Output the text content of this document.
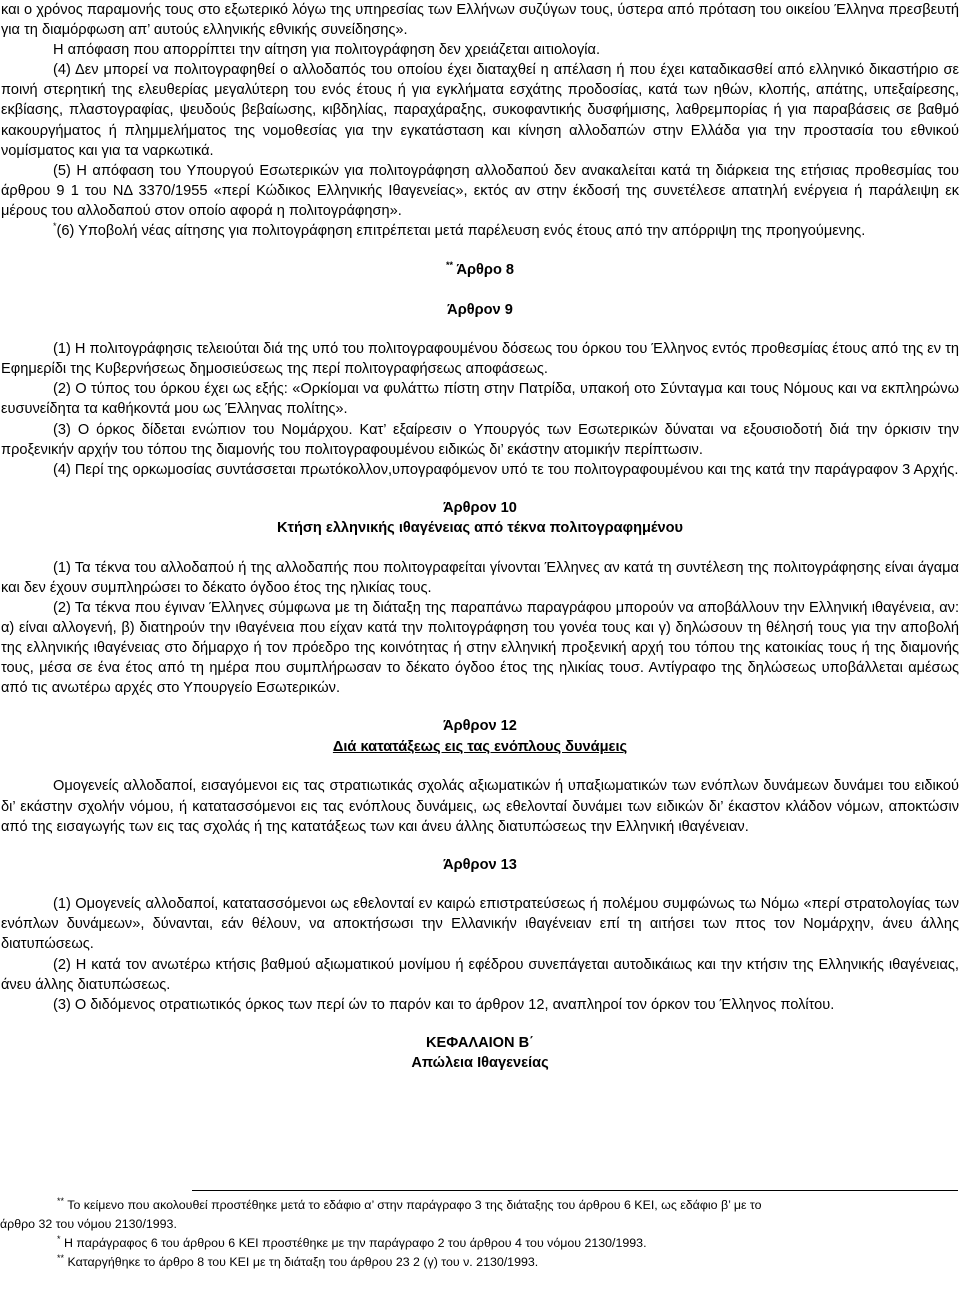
και ο χρόνος παραμονής τους στο εξωτερικό λόγω της υπηρεσίας των Ελλήνων συζύγων τους, ύστερα από πρόταση του οικείου Έλληνα πρεσβευτή για τη διαμόρφωση απ’ αυτούς ελληνικής εθνικής συνείδησης».

Η απόφαση που απορρίπτει την αίτηση για πολιτογράφηση δεν χρειάζεται αιτιολογία.

(4) Δεν μπορεί να πολιτογραφηθεί ο αλλοδαπός του οποίου έχει διαταχθεί η απέλαση ή που έχει καταδικασθεί από ελληνικό δικαστήριο σε ποινή στερητική της ελευθερίας μεγαλύτερη του ενός έτους ή για εγκλήματα εσχάτης προδοσίας, κατά των ηθών, κλοπής, απάτης, υπεξαίρεσης, εκβίασης, πλαστογραφίας, ψευδούς βεβαίωσης, κιβδηλίας, παραχάραξης, συκοφαντικής δυσφήμισης, λαθρεμπορίας ή για παραβάσεις σε βαθμό κακουργήματος ή πλημμελήματος της νομοθεσίας για την εγκατάσταση και κίνηση αλλοδαπών στην Ελλάδα για την προστασία του εθνικού νομίσματος και για τα ναρκωτικά.

(5) Η απόφαση του Υπουργού Εσωτερικών για πολιτογράφηση αλλοδαπού δεν ανακαλείται κατά τη διάρκεια της ετήσιας προθεσμίας του άρθρου 9 1 του ΝΔ 3370/1955 «περί Κώδικος Ελληνικής Ιθαγενείας», εκτός αν στην έκδοσή της συνετέλεσε απατηλή ενέργεια ή παράλειψη εκ μέρους του αλλοδαπού στον οποίο αφορά η πολιτογράφηση».

*(6) Υποβολή νέας αίτησης για πολιτογράφηση επιτρέπεται μετά παρέλευση ενός έτους από την απόρριψη της προηγούμενης.

** Άρθρο 8

Άρθρον 9

(1) Η πολιτογράφησις τελειούται διά της υπό του πολιτογραφουμένου δόσεως του όρκου του Έλληνος εντός προθεσμίας έτους από της εν τη Εφημερίδι της Κυβερνήσεως δημοσιεύσεως της περί πολιτογραφήσεως αποφάσεως.

(2) Ο τύπος του όρκου έχει ως εξής: «Ορκίομαι να φυλάττω πίστη στην Πατρίδα, υπακοή οτο Σύνταγμα και τους Νόμους και να εκπληρώνω ευσυνείδητα τα καθήκοντά μου ως Έλληνας πολίτης».

(3) Ο όρκος δίδεται ενώπιον του Νομάρχου. Κατ’ εξαίρεσιν ο Υπουργός των Εσωτερικών δύναται να εξουσιοδοτή διά την όρκισιν την προξενικήν αρχήν του τόπου της διαμονής του πολιτογραφουμένου ειδικώς δι’ εκάστην ατομικήν περίπτωσιν.

(4) Περί της ορκωμοσίας συντάσσεται πρωτόκολλον,υπογραφόμενον υπό τε του πολιτογραφουμένου και της κατά την παράγραφον 3 Αρχής.

Άρθρον 10

Κτήση ελληνικής ιθαγένειας από τέκνα πολιτογραφημένου

(1) Τα τέκνα του αλλοδαπού ή της αλλοδαπής που πολιτογραφείται γίνονται Έλληνες αν κατά τη συντέλεση της πολιτογράφησης είναι άγαμα και δεν έχουν συμπληρώσει το δέκατο όγδοο έτος της ηλικίας τους.

(2) Τα τέκνα που έγιναν Έλληνες σύμφωνα με τη διάταξη της παραπάνω παραγράφου μπορούν να αποβάλλουν την Ελληνική ιθαγένεια, αν: α) είναι αλλογενή, β) διατηρούν την ιθαγένεια που είχαν κατά την πολιτογράφηση του γονέα τους και γ) δηλώσουν τη θέλησή τους για την αποβολή της ελληνικής ιθαγένειας στο δήμαρχο ή τον πρόεδρο της κοινότητας ή στην ελληνική προξενική αρχή του τόπου της κατοικίας τους ή της διαμονής τους, μέσα σε ένα έτος από τη ημέρα που συμπλήρωσαν το δέκατο όγδοο έτος της ηλικίας τουσ. Αντίγραφο της δηλώσεως υποβάλλεται αμέσως από τις ανωτέρω αρχές στο Υπουργείο Εσωτερικών.

Άρθρον 12

Διά κατατάξεως εις τας ενόπλους δυνάμεις

Ομογενείς αλλοδαποί, εισαγόμενοι εις τας στρατιωτικάς σχολάς αξιωματικών ή υπαξιωματικών των ενόπλων δυνάμεων δυνάμει του ειδικού δι’ εκάστην σχολήν νόμου, ή κατατασσόμενοι εις τας ενόπλους δυνάμεις, ως εθελονταί δυνάμει των ειδικών δι’ έκαστον κλάδον νόμων, αποκτώσιν από της εισαγωγής των εις τας σχολάς ή της κατατάξεως των και άνευ άλλης διατυπώσεως την Ελληνική ιθαγένειαν.

Άρθρον 13

(1) Ομογενείς αλλοδαποί, κατατασσόμενοι ως εθελονταί εν καιρώ επιστρατεύσεως ή πολέμου συμφώνως τω Νόμω «περί στρατολογίας των ενόπλων δυνάμεων», δύνανται, εάν θέλουν, να αποκτήσωσι την Ελλανικήν ιθαγένειαν επί τη αιτήσει των πτος τον Νομάρχην, άνευ άλλης διατυπώσεως.

(2) Η κατά τον ανωτέρω κτήσις βαθμού αξιωματικού μονίμου ή εφέδρου συνεπάγεται αυτοδικάιως και την κτήσιν της Ελληνικής ιθαγένειας, άνευ άλλης διατυπώσεως.

(3) Ο διδόμενος οτρατιωτικός όρκος των περί ών το παρόν και το άρθρον 12, αναπληροί τον όρκον του Έλληνος πολίτου.

ΚΕΦΑΛΑΙΟΝ Β΄

Απώλεια Ιθαγενείας

** Το κείμενο που ακολουθεί προστέθηκε μετά το εδάφιο α’ στην παράγραφο 3 της διάταξης του άρθρου 6 ΚΕΙ, ως εδάφιο β’ με το
άρθρο 32 του νόμου 2130/1993.
* Η παράγραφος 6 του άρθρου 6 ΚΕΙ προστέθηκε με την παράγραφο 2 του άρθρου 4 του νόμου 2130/1993.
** Καταργήθηκε το άρθρο 8 του ΚΕΙ με τη διάταξη του άρθρου 23 2 (γ) του ν. 2130/1993.
